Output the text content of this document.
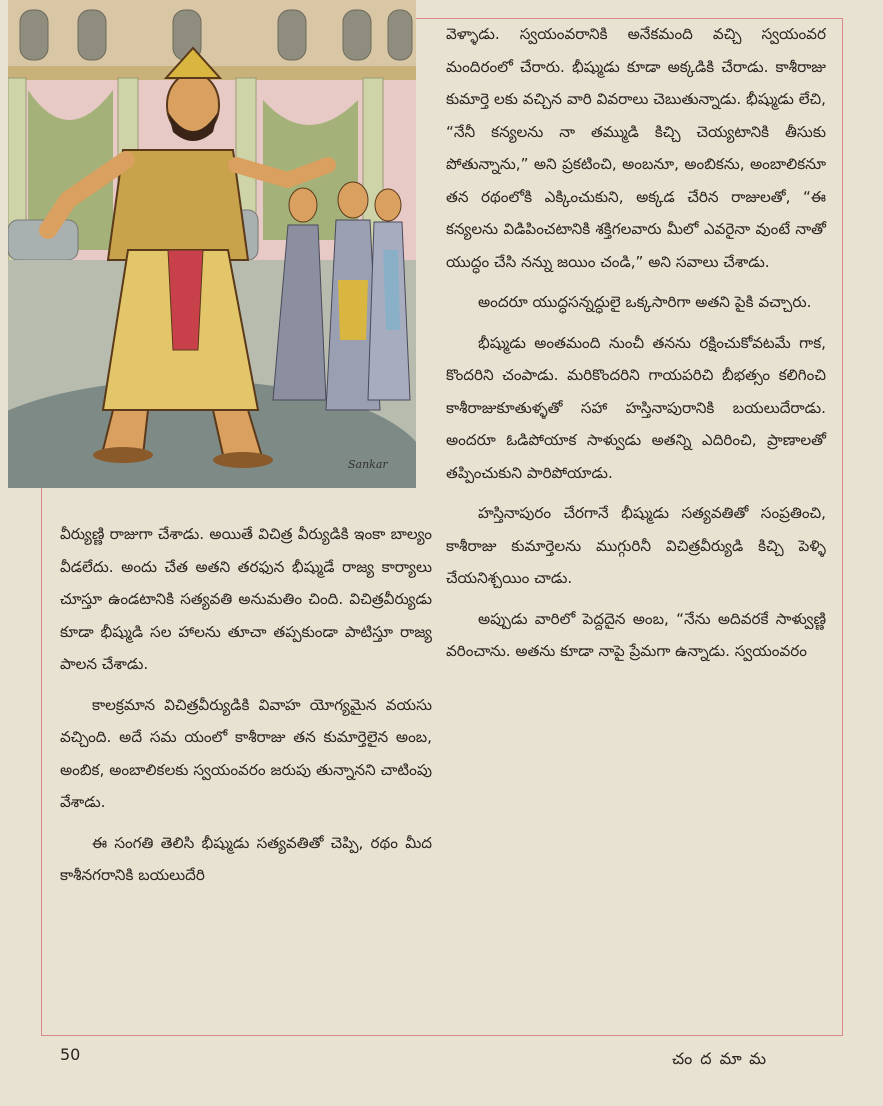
Sankar

వెళ్ళాడు. స్వయంవరానికి అనేకమంది వచ్చి స్వయంవర మందిరంలో చేరారు. భీష్ముడు కూడా అక్కడికి చేరాడు. కాశీరాజు కుమార్తె లకు వచ్చిన వారి వివరాలు చెబుతున్నాడు. భీష్ముడు లేచి, “నేనీ కన్యలను నా తమ్ముడి కిచ్చి చెయ్యటానికి తీసుకు పోతున్నాను,” అని ప్రకటించి, అంబనూ, అంబికను, అంబాలికనూ తన రథంలోకి ఎక్కించుకుని, అక్కడ చేరిన రాజులతో, “ఈ కన్యలను విడిపించటానికి శక్తిగలవారు మీలో ఎవరైనా వుంటే నాతో యుద్ధం చేసి నన్ను జయిం చండి,” అని సవాలు చేశాడు.

అందరూ యుద్ధసన్నద్ధులై ఒక్కసారిగా అతని పైకి వచ్చారు.

భీష్ముడు అంతమంది నుంచీ తనను రక్షించుకోవటమే గాక, కొందరిని చంపాడు. మరికొందరిని గాయపరిచి బీభత్సం కలిగించి కాశీరాజుకూతుళ్ళతో సహా హస్తినాపురానికి బయలుదేరాడు. అందరూ ఓడిపోయాక సాళ్వుడు అతన్ని ఎదిరించి, ప్రాణాలతో తప్పించుకుని పారిపోయాడు.

హస్తినాపురం చేరగానే భీష్ముడు సత్యవతితో సంప్రతించి, కాశీరాజు కుమార్తెలను ముగ్గురినీ విచిత్రవీర్యుడి కిచ్చి పెళ్ళి చేయనిశ్చయిం చాడు.

అప్పుడు వారిలో పెద్దదైన అంబ, “నేను అదివరకే సాళ్వుణ్ణి వరించాను. అతను కూడా నాపై ప్రేమగా ఉన్నాడు. స్వయంవరం

వీర్యుణ్ణి రాజుగా చేశాడు. అయితే విచిత్ర వీర్యుడికి ఇంకా బాల్యం వీడలేదు. అందు చేత అతని తరఫున భీష్ముడే రాజ్య కార్యాలు చూస్తూ ఉండటానికి సత్యవతి అనుమతిం చింది. విచిత్రవీర్యుడు కూడా భీష్ముడి సల హాలను తూచా తప్పకుండా పాటిస్తూ రాజ్య పాలన చేశాడు.

కాలక్రమాన విచిత్రవీర్యుడికి వివాహ యోగ్యమైన వయసు వచ్చింది. అదే సమ యంలో కాశీరాజు తన కుమార్తెలైన అంబ, అంబిక, అంబాలికలకు స్వయంవరం జరుపు తున్నానని చాటింపు వేశాడు.

ఈ సంగతి తెలిసి భీష్ముడు సత్యవతితో చెప్పి, రథం మీద కాశీనగరానికి బయలుదేరి

50	చందమామ
